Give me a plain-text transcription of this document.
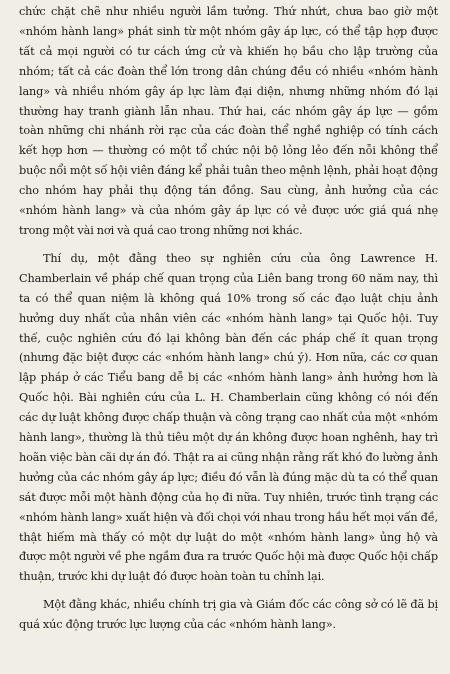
chức chặt chẽ như nhiều người lầm tưởng. Thứ nhứt, chưa bao giờ một «nhóm hành lang» phát sinh từ một nhóm gây áp lực, có thể tập hợp được tất cả mọi người có tư cách ứng cử và khiến họ bầu cho lập trường của nhóm; tất cả các đoàn thể lớn trong dân chúng đều có nhiều «nhóm hành lang» và nhiều nhóm gây áp lực làm đại diện, nhưng những nhóm đó lại thường hay tranh giành lẫn nhau. Thứ hai, các nhóm gây áp lực — gồm toàn những chi nhánh rời rạc của các đoàn thể nghề nghiệp có tính cách kết hợp hơn — thường có một tổ chức nội bộ lỏng lẻo đến nỗi không thể buộc nổi một số hội viên đáng kể phải tuân theo mệnh lệnh, phải hoạt động cho nhóm hay phải thụ động tán đồng. Sau cùng, ảnh hưởng của các «nhóm hành lang» và của nhóm gây áp lực có vẻ được ước giá quá nhẹ trong một vài nơi và quá cao trong những nơi khác.

Thí dụ, một đằng theo sự nghiên cứu của ông Lawrence H. Chamberlain về pháp chế quan trọng của Liên bang trong 60 năm nay, thì ta có thể quan niệm là không quá 10% trong số các đạo luật chịu ảnh hưởng duy nhất của nhân viên các «nhóm hành lang» tại Quốc hội. Tuy thế, cuộc nghiên cứu đó lại không bàn đến các pháp chế ít quan trọng (nhưng đặc biệt được các «nhóm hành lang» chú ý). Hơn nữa, các cơ quan lập pháp ở các Tiểu bang dễ bị các «nhóm hành lang» ảnh hưởng hơn là Quốc hội. Bài nghiên cứu của L. H. Chamberlain cũng không có nói đến các dự luật không được chấp thuận và công trạng cao nhất của một «nhóm hành lang», thường là thủ tiêu một dự án không được hoan nghênh, hay trì hoãn việc bàn cãi dự án đó. Thật ra ai cũng nhận rằng rất khó đo lường ảnh hưởng của các nhóm gây áp lực; điều đó vẫn là đúng mặc dù ta có thể quan sát được mỗi một hành động của họ đi nữa. Tuy nhiên, trước tình trạng các «nhóm hành lang» xuất hiện và đối chọi với nhau trong hầu hết mọi vấn đề, thật hiếm mà thấy có một dự luật do một «nhóm hành lang» ủng hộ và được một người về phe ngầm đưa ra trước Quốc hội mà được Quốc hội chấp thuận, trước khi dự luật đó được hoàn toàn tu chỉnh lại.

Một đằng khác, nhiều chính trị gia và Giám đốc các công sở có lẽ đã bị quá xúc động trước lực lượng của các «nhóm hành lang».
